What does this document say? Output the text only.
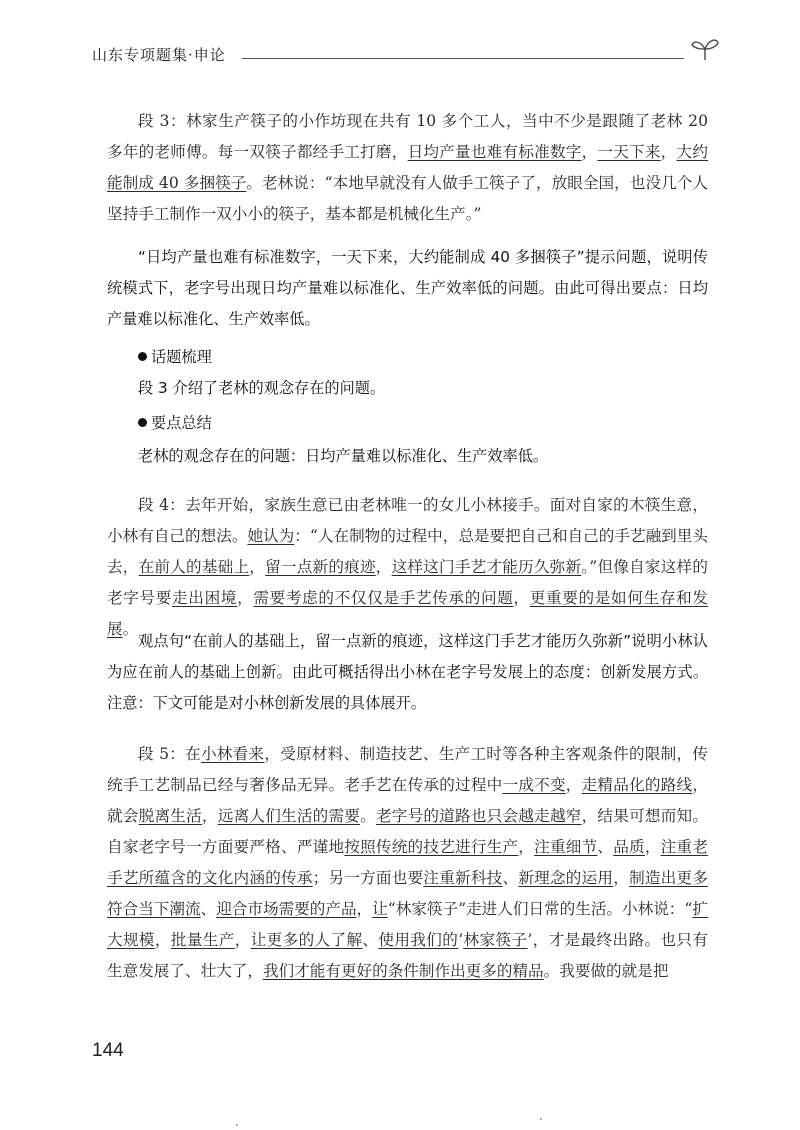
山东专项题集·申论

段 3：林家生产筷子的小作坊现在共有 10 多个工人，当中不少是跟随了老林 20 多年的老师傅。每一双筷子都经手工打磨，日均产量也难有标准数字，一天下来，大约能制成 40 多捆筷子。老林说：“本地早就没有人做手工筷子了，放眼全国，也没几个人坚持手工制作一双小小的筷子，基本都是机械化生产。”

“日均产量也难有标准数字，一天下来，大约能制成 40 多捆筷子”提示问题，说明传统模式下，老字号出现日均产量难以标准化、生产效率低的问题。由此可得出要点：日均产量难以标准化、生产效率低。

话题梳理

段 3 介绍了老林的观念存在的问题。

要点总结

老林的观念存在的问题：日均产量难以标准化、生产效率低。

段 4：去年开始，家族生意已由老林唯一的女儿小林接手。面对自家的木筷生意，小林有自己的想法。她认为：“人在制物的过程中，总是要把自己和自己的手艺融到里头去，在前人的基础上，留一点新的痕迹，这样这门手艺才能历久弥新。”但像自家这样的老字号要走出困境，需要考虑的不仅仅是手艺传承的问题，更重要的是如何生存和发展。

观点句“在前人的基础上，留一点新的痕迹，这样这门手艺才能历久弥新”说明小林认为应在前人的基础上创新。由此可概括得出小林在老字号发展上的态度：创新发展方式。注意：下文可能是对小林创新发展的具体展开。

段 5：在小林看来，受原材料、制造技艺、生产工时等各种主客观条件的限制，传统手工艺制品已经与奢侈品无异。老手艺在传承的过程中一成不变，走精品化的路线，就会脱离生活，远离人们生活的需要。老字号的道路也只会越走越窄，结果可想而知。自家老字号一方面要严格、严谨地按照传统的技艺进行生产，注重细节、品质，注重老手艺所蕴含的文化内涵的传承；另一方面也要注重新科技、新理念的运用，制造出更多符合当下潮流、迎合市场需要的产品，让“林家筷子”走进人们日常的生活。小林说：“扩大规模，批量生产，让更多的人了解、使用我们的‘林家筷子’，才是最终出路。也只有生意发展了、壮大了，我们才能有更好的条件制作出更多的精品。我要做的就是把

144
